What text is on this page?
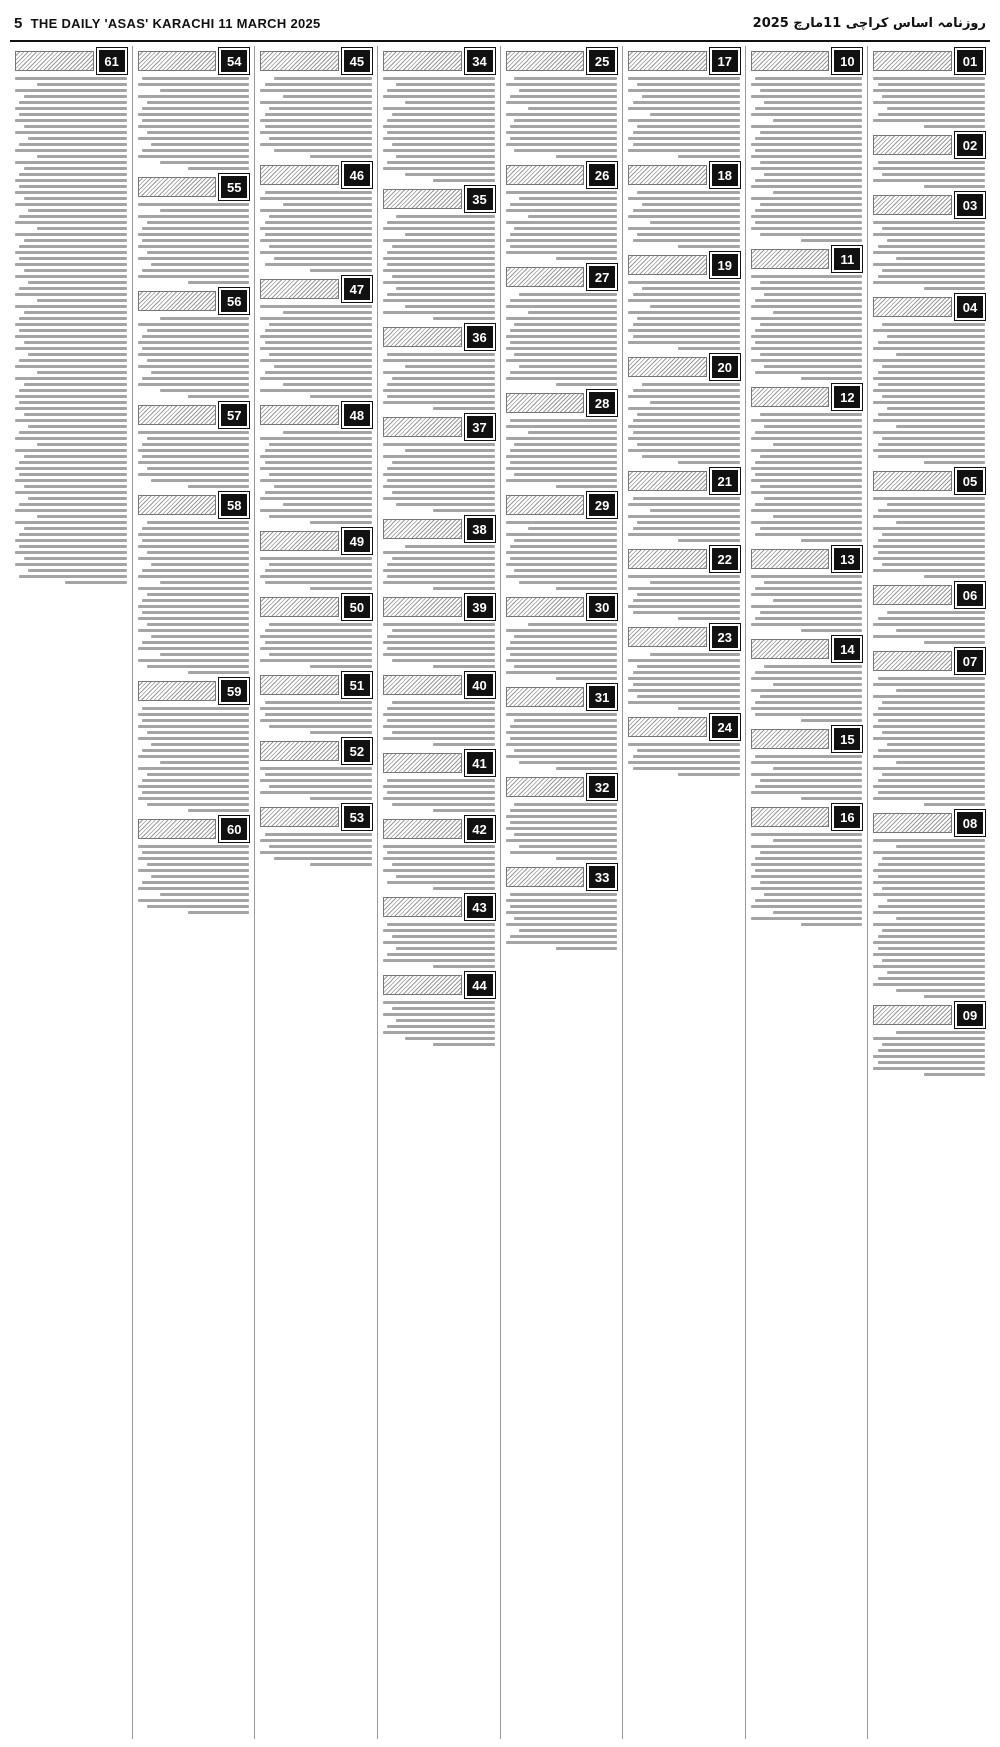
5 THE DAILY 'ASAS' KARACHI 11 MARCH 2025	روزنامہ اساس کراچی 11مارچ 2025
01
02
03
04
05
06
07
08
09
10
11
12
13
14
15
16
17
18
19
20
21
22
23
24
25
26
27
28
29
30
31
32
33
34
35
36
37
38
39
40
41
42
43
44
45
46
47
48
49
50
51
52
53
54
55
56
57
58
59
60
61
